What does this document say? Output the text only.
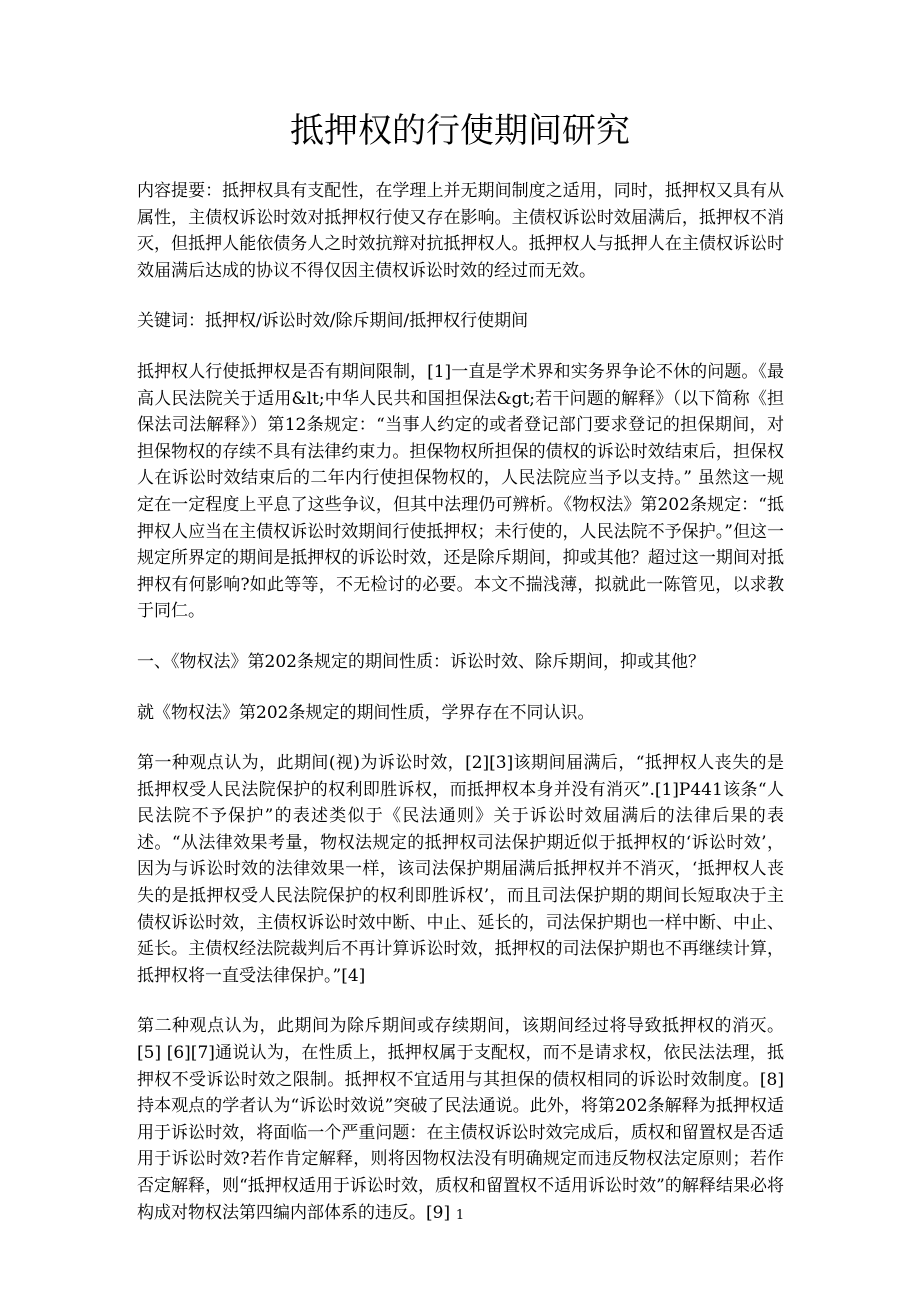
抵押权的行使期间研究

内容提要：抵押权具有支配性，在学理上并无期间制度之适用，同时，抵押权又具有从属性，主债权诉讼时效对抵押权行使又存在影响。主债权诉讼时效届满后，抵押权不消灭，但抵押人能依债务人之时效抗辩对抗抵押权人。抵押权人与抵押人在主债权诉讼时效届满后达成的协议不得仅因主债权诉讼时效的经过而无效。

关键词：抵押权/诉讼时效/除斥期间/抵押权行使期间

抵押权人行使抵押权是否有期间限制，[1]一直是学术界和实务界争论不休的问题。《最高人民法院关于适用&lt;中华人民共和国担保法&gt;若干问题的解释》（以下简称《担保法司法解释》）第12条规定：“当事人约定的或者登记部门要求登记的担保期间，对担保物权的存续不具有法律约束力。担保物权所担保的债权的诉讼时效结束后，担保权人在诉讼时效结束后的二年内行使担保物权的，人民法院应当予以支持。” 虽然这一规定在一定程度上平息了这些争议，但其中法理仍可辨析。《物权法》第202条规定：“抵押权人应当在主债权诉讼时效期间行使抵押权；未行使的，人民法院不予保护。”但这一规定所界定的期间是抵押权的诉讼时效，还是除斥期间，抑或其他？超过这一期间对抵押权有何影响?如此等等，不无检讨的必要。本文不揣浅薄，拟就此一陈管见，以求教于同仁。

一、《物权法》第202条规定的期间性质：诉讼时效、除斥期间，抑或其他？

就《物权法》第202条规定的期间性质，学界存在不同认识。

第一种观点认为，此期间(视)为诉讼时效，[2][3]该期间届满后，“抵押权人丧失的是抵押权受人民法院保护的权利即胜诉权，而抵押权本身并没有消灭”.[1]P441该条“人民法院不予保护”的表述类似于《民法通则》关于诉讼时效届满后的法律后果的表述。“从法律效果考量，物权法规定的抵押权司法保护期近似于抵押权的‘诉讼时效’，因为与诉讼时效的法律效果一样，该司法保护期届满后抵押权并不消灭，‘抵押权人丧失的是抵押权受人民法院保护的权利即胜诉权’，而且司法保护期的期间长短取决于主债权诉讼时效，主债权诉讼时效中断、中止、延长的，司法保护期也一样中断、中止、延长。主债权经法院裁判后不再计算诉讼时效，抵押权的司法保护期也不再继续计算，抵押权将一直受法律保护。”[4]

第二种观点认为，此期间为除斥期间或存续期间，该期间经过将导致抵押权的消灭。[5] [6][7]通说认为，在性质上，抵押权属于支配权，而不是请求权，依民法法理，抵押权不受诉讼时效之限制。抵押权不宜适用与其担保的债权相同的诉讼时效制度。[8]持本观点的学者认为“诉讼时效说”突破了民法通说。此外，将第202条解释为抵押权适用于诉讼时效，将面临一个严重问题：在主债权诉讼时效完成后，质权和留置权是否适用于诉讼时效?若作肯定解释，则将因物权法没有明确规定而违反物权法定原则；若作否定解释，则“抵押权适用于诉讼时效，质权和留置权不适用诉讼时效”的解释结果必将构成对物权法第四编内部体系的违反。[9] 1
